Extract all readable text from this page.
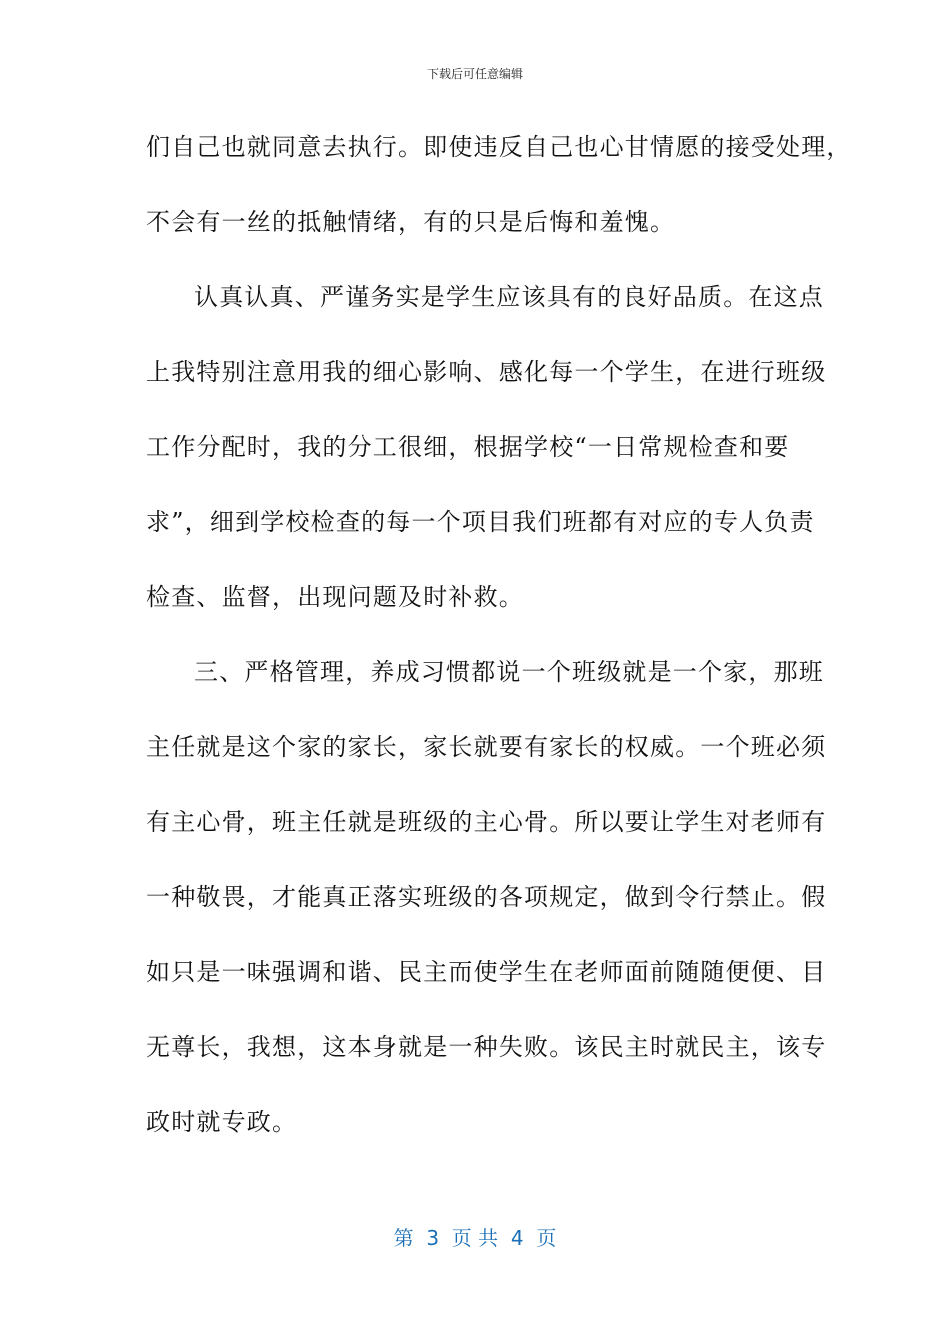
下载后可任意编辑
们自己也就同意去执行。即使违反自己也心甘情愿的接受处理，
不会有一丝的抵触情绪，有的只是后悔和羞愧。
认真认真、严谨务实是学生应该具有的良好品质。在这点
上我特别注意用我的细心影响、感化每一个学生，在进行班级
工作分配时，我的分工很细，根据学校“一日常规检查和要
求”，细到学校检查的每一个项目我们班都有对应的专人负责
检查、监督，出现问题及时补救。
三、严格管理，养成习惯都说一个班级就是一个家，那班
主任就是这个家的家长，家长就要有家长的权威。一个班必须
有主心骨，班主任就是班级的主心骨。所以要让学生对老师有
一种敬畏，才能真正落实班级的各项规定，做到令行禁止。假
如只是一味强调和谐、民主而使学生在老师面前随随便便、目
无尊长，我想，这本身就是一种失败。该民主时就民主，该专
政时就专政。
第  3  页 共  4  页
